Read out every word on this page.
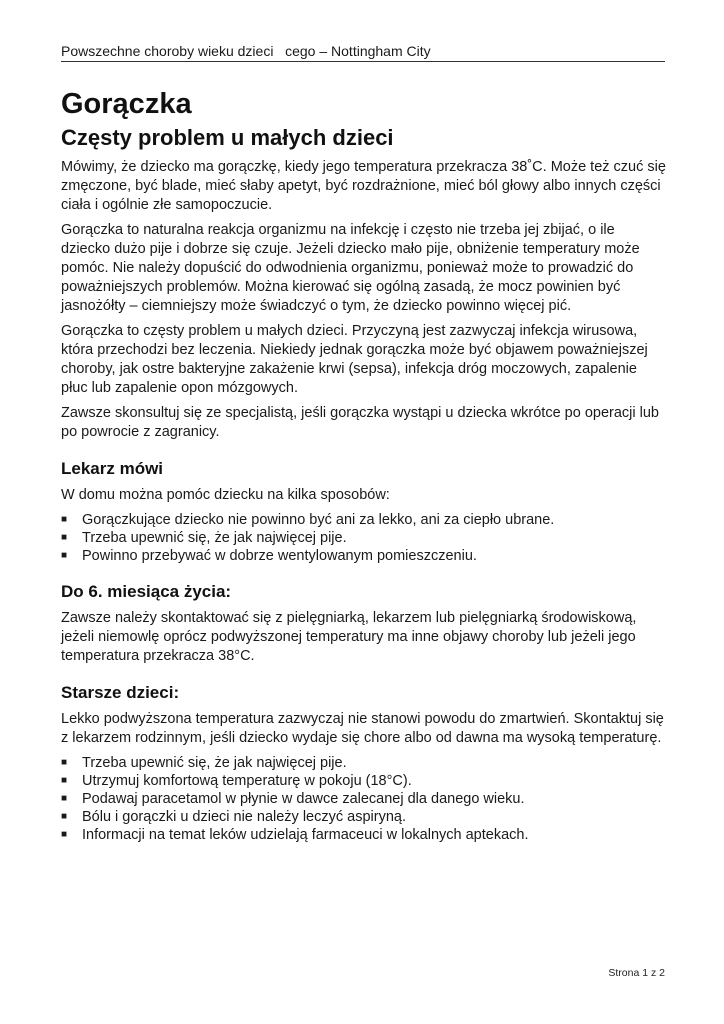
Powszechne choroby wieku dzieci   cego – Nottingham City
Gorączka
Częsty problem u małych dzieci

Mówimy, że dziecko ma gorączkę, kiedy jego temperatura przekracza 38˚C. Może też czuć się zmęczone, być blade, mieć słaby apetyt, być rozdrażnione, mieć ból głowy albo innych części ciała i ogólnie złe samopoczucie.

Gorączka to naturalna reakcja organizmu na infekcję i często nie trzeba jej zbijać, o ile dziecko dużo pije i dobrze się czuje. Jeżeli dziecko mało pije, obniżenie temperatury może pomóc. Nie należy dopuścić do odwodnienia organizmu, ponieważ może to prowadzić do poważniejszych problemów. Można kierować się ogólną zasadą, że mocz powinien być jasnożółty – ciemniejszy może świadczyć o tym, że dziecko powinno więcej pić.

Gorączka to częsty problem u małych dzieci. Przyczyną jest zazwyczaj infekcja wirusowa, która przechodzi bez leczenia. Niekiedy jednak gorączka może być objawem poważniejszej choroby, jak ostre bakteryjne zakażenie krwi (sepsa), infekcja dróg moczowych, zapalenie płuc lub zapalenie opon mózgowych.

Zawsze skonsultuj się ze specjalistą, jeśli gorączka wystąpi u dziecka wkrótce po operacji lub po powrocie z zagranicy.

Lekarz mówi

W domu można pomóc dziecku na kilka sposobów:

■ Gorączkujące dziecko nie powinno być ani za lekko, ani za ciepło ubrane.
■ Trzeba upewnić się, że jak najwięcej pije.
■ Powinno przebywać w dobrze wentylowanym pomieszczeniu.
Do 6. miesiąca życia:

Zawsze należy skontaktować się z pielęgniarką, lekarzem lub pielęgniarką środowiskową, jeżeli niemowlę oprócz podwyższonej temperatury ma inne objawy choroby lub jeżeli jego temperatura przekracza 38°C.

Starsze dzieci:

Lekko podwyższona temperatura zazwyczaj nie stanowi powodu do zmartwień. Skontaktuj się z lekarzem rodzinnym, jeśli dziecko wydaje się chore albo od dawna ma wysoką temperaturę.

■ Trzeba upewnić się, że jak najwięcej pije.
■ Utrzymuj komfortową temperaturę w pokoju (18°C).
■ Podawaj paracetamol w płynie w dawce zalecanej dla danego wieku.
■ Bólu i gorączki u dzieci nie należy leczyć aspiryną.
■ Informacji na temat leków udzielają farmaceuci w lokalnych aptekach.
Strona 1 z 2
